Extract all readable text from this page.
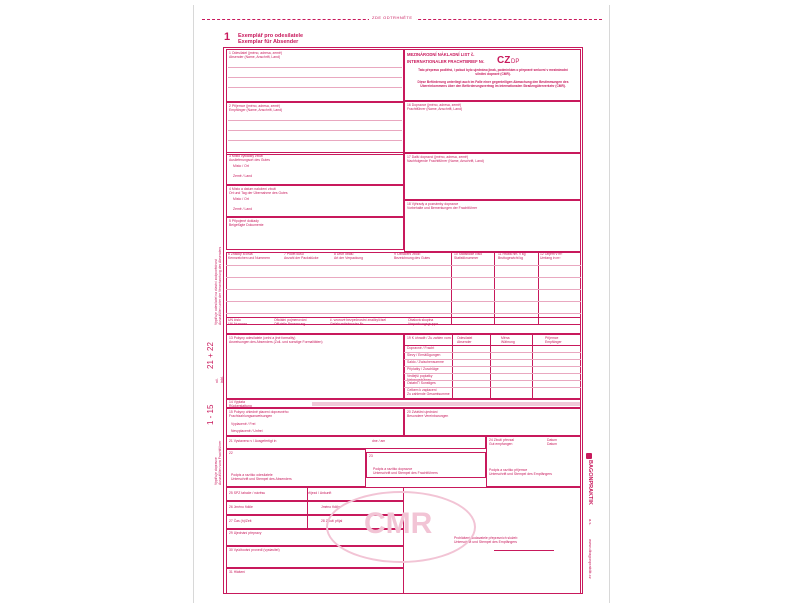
ZDE ODTRHNĚTE
1 Exemplář pro odesílatele
Exemplar für Absender
1 Odesílatel (jméno, adresa, země)
Absender (Name, Anschrift, Land)
2 Příjemce (jméno, adresa, země)
Empfänger (Name, Anschrift, Land)
3 Místo vykládky zboží
Auslieferungsort des Gutes
Místo / Ort
Země / Land
4 Místo a datum naložení zboží
Ort und Tag der Übernahme des Gutes
Místo / Ort
Země / Land
5 Připojené doklady
Beigefügte Dokumente
MEZINÁRODNÍ NÁKLADNÍ LIST č.
INTERNATIONALER FRACHTBRIEF Nr. CZ DP
Tato přeprava podléhá, i pokud bylo ujednáno jinak, podmínkám o přepravě smluvní v mezinárodní silniční dopravě (CMR).
Diese Beförderung unterliegt auch im Falle einer gegenteiligen Abmachung den Bestimmungen des Übereinkommens über den Beförderungsvertrag im internationalen Straßengüterverkehr (CMR).
16 Dopravce (jméno, adresa, země)
Frachtführer (Name, Anschrift, Land)
17 Další dopravci (jméno, adresa, země)
Nachfolgende Frachtführer (Name, Anschrift, Land)
18 Výhrady a poznámky dopravce
Vorbehalte und Bemerkungen der Frachtführer
6 Značky a čísla
Kennzeichen und Nummern
7 Počet kusů
Anzahl der Packstücke
8 Druh obalu
Art der Verpackung
9 Označení zboží
Bezeichnung des Gutes
10 Statistické číslo
Statistiknummer
11 Hrubá hm. v kg
Bruttogewicht kg
12 Objem v m³
Umfang in m³
UN číslo
UN-Nummer
Oficiální pojmenování
Offizielle Benennung
č. vzorové bezpečnostní značky/čísel
Gefahrzettelmuster Nr.
Obalová skupina
Verpackungsgruppe
13 Pokyny odesílatele (celní a jiné formality)
Anweisungen des Absenders (Zoll- und sonstige Formalitäten)
19 K úhradě / Zu zahlen vom: Odesílatel
Absender
Měna
Währung
Příjemce
Empfänger
Dopravné / Fracht
Slevy / Ermäßigungen
Saldo / Zwischensumme
Příplatky / Zuschläge
Vedlejší poplatky
Nebengebühren
Ostatní / Sonstiges
Celkem k zaplacení
Zu zahlende Gesamtsumme
14 Výplata
Rückerstattung
15 Pokyny ohledně placení dopravného
Frachtzahlungsanweisungen
Vyplaceně / Frei
Nevyplaceně / Unfrei
20 Zvláštní ujednání
Besondere Vereinbarungen
21 Vystaveno v / Ausgefertigt in	dne / am
22
Podpis a razítko odesílatele
Unterschrift und Stempel des Absenders
23
Podpis a razítko dopravce
Unterschrift und Stempel des Frachtführers
24 Zboží převzal
Gut empfangen
Datum
Datum
Podpis a razítko příjemce
Unterschrift und Stempel des Empfängers
25 SPZ tahače / návěsu	příjezd / Ankunft
26 Jméno řidiče	Jméno řidiče
27 Čas (h)/Zeit	28 Zboží přijal
29 Ujednání přepravy
30 Vyúčtování provedl (vystavitel)
31 Hlášení
Prohlášení dodavatele přepravních služeb
Unterschrift und Stempel des Empfängers
CMR
1 - 15
vč.
inkl.
21 + 22
Vyplňuje odesílatel na vlastní zodpovědnost
Auszufüllen unter der Verantwortung des Absenders
Vyplňuje dopravce
Auszufüllen vom Frachtführer	BAGONPRAKTIK
a.s.
www.dbagonpraktik.cz
